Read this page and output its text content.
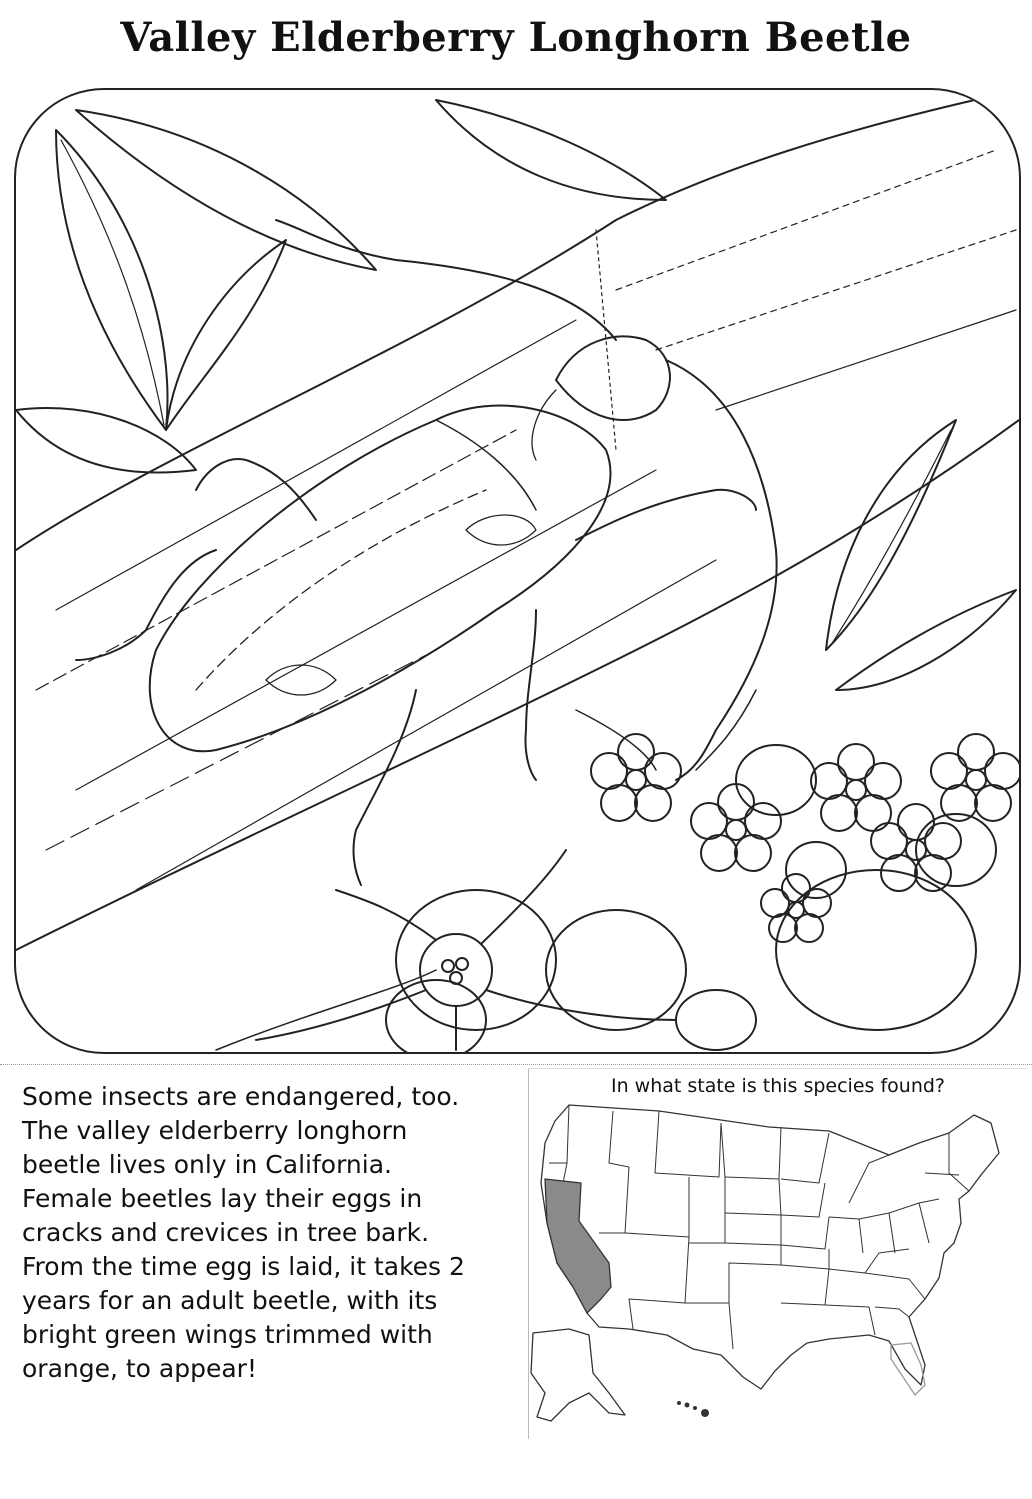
Valley Elderberry Longhorn Beetle
Some insects are endangered, too.
The valley elderberry longhorn
beetle lives only in California.
Female beetles lay their eggs in
cracks and crevices in tree bark.
From the time egg is laid, it takes 2
years for an adult beetle, with its
bright green wings trimmed with
orange, to appear!
In what state is this species found?
